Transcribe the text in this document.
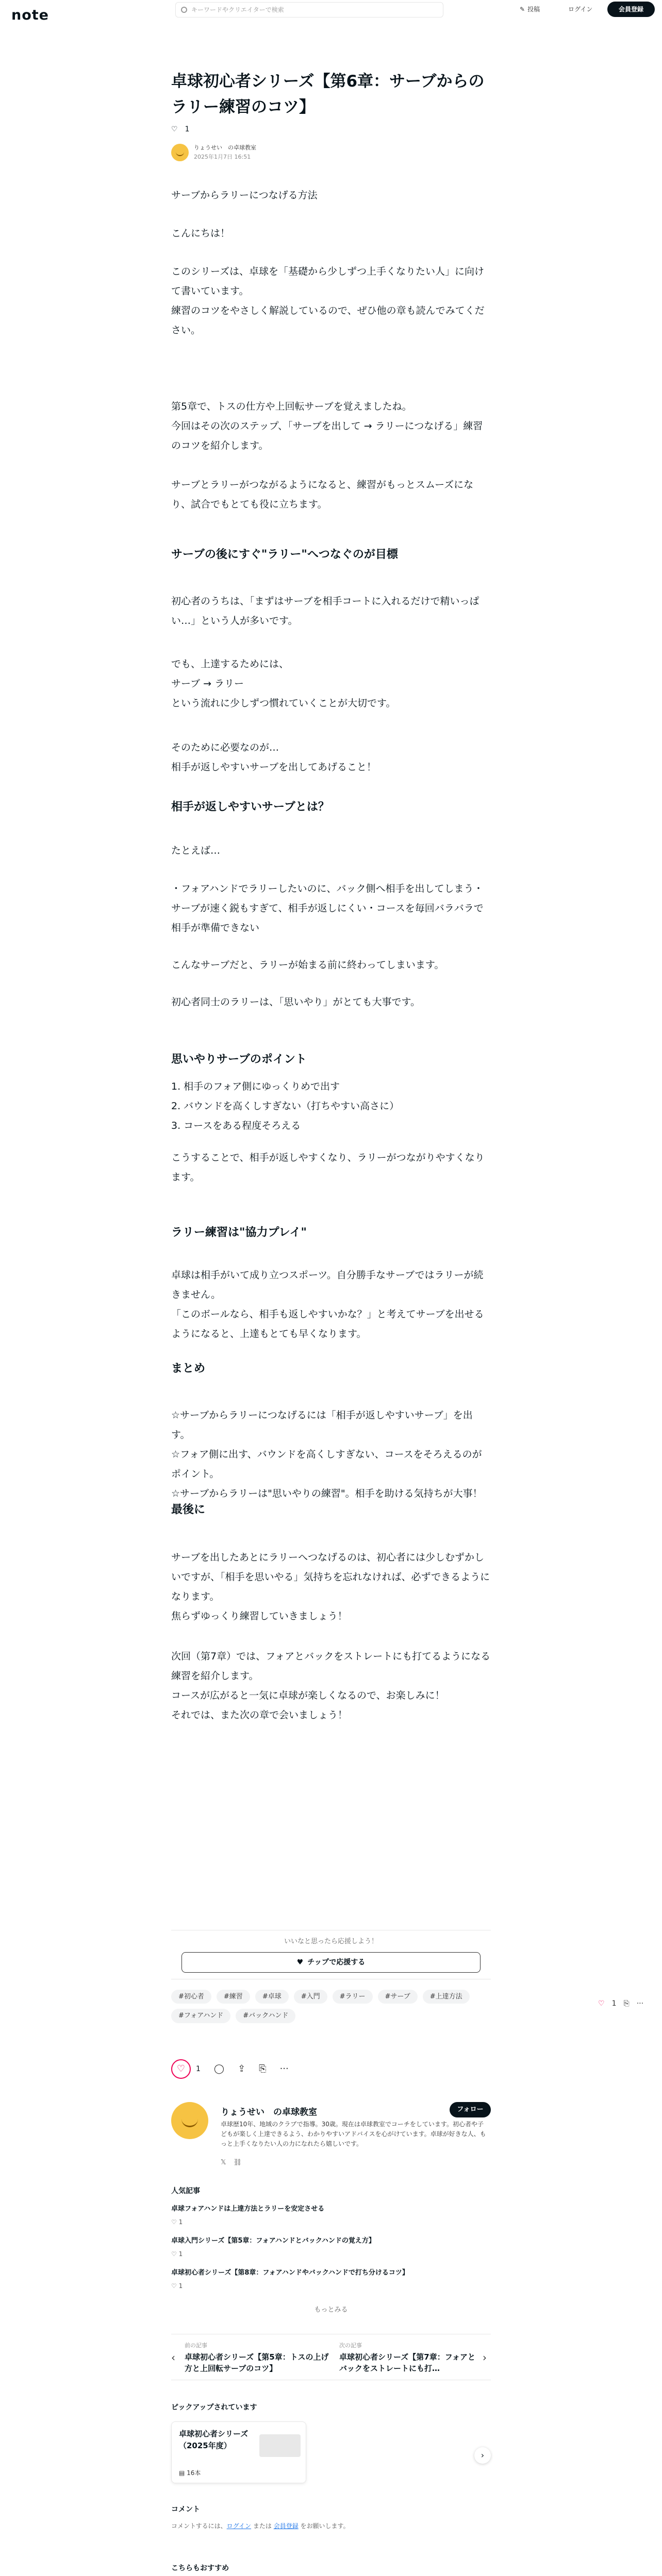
note	キーワードやクリエイターで検索	✎ 投稿	ログイン	会員登録
卓球初心者シリーズ【第6章：サーブからのラリー練習のコツ】
♡ 1
りょうせい　の卓球教室
2025年1月7日 16:51
サーブからラリーにつなげる方法
こんにちは！
このシリーズは、卓球を「基礎から少しずつ上手くなりたい人」に向けて書いています。
練習のコツをやさしく解説しているので、ぜひ他の章も読んでみてください。
第5章で、トスの仕方や上回転サーブを覚えましたね。
今回はその次のステップ、「サーブを出して → ラリーにつなげる」練習のコツを紹介します。
サーブとラリーがつながるようになると、練習がもっとスムーズになり、試合でもとても役に立ちます。
サーブの後にすぐ"ラリー"へつなぐのが目標
初心者のうちは、「まずはサーブを相手コートに入れるだけで精いっぱい…」という人が多いです。
でも、上達するためには、
サーブ → ラリー
という流れに少しずつ慣れていくことが大切です。
そのために必要なのが…
相手が返しやすいサーブを出してあげること！
相手が返しやすいサーブとは？
たとえば…
・フォアハンドでラリーしたいのに、バック側へ相手を出してしまう・サーブが速く鋭もすぎて、相手が返しにくい・コースを毎回バラバラで相手が準備できない
こんなサーブだと、ラリーが始まる前に終わってしまいます。
初心者同士のラリーは、「思いやり」がとても大事です。
思いやりサーブのポイント
1. 相手のフォア側にゆっくりめで出す
2. バウンドを高くしすぎない（打ちやすい高さに）
3. コースをある程度そろえる
こうすることで、相手が返しやすくなり、ラリーがつながりやすくなります。
ラリー練習は"協力プレイ"
卓球は相手がいて成り立つスポーツ。自分勝手なサーブではラリーが続きません。
「このボールなら、相手も返しやすいかな？」と考えてサーブを出せるようになると、上達もとても早くなります。
まとめ
☆サーブからラリーにつなげるには「相手が返しやすいサーブ」を出す。
☆フォア側に出す、バウンドを高くしすぎない、コースをそろえるのがポイント。
☆サーブからラリーは"思いやりの練習"。相手を助ける気持ちが大事！
最後に
サーブを出したあとにラリーへつなげるのは、初心者には少しむずかしいですが、「相手を思いやる」気持ちを忘れなければ、必ずできるようになります。
焦らずゆっくり練習していきましょう！
次回（第7章）では、フォアとバックをストレートにも打てるようになる練習を紹介します。
コースが広がると一気に卓球が楽しくなるので、お楽しみに！
それでは、また次の章で会いましょう！
いいなと思ったら応援しよう！
♥ チップで応援する
#初心者	#練習	#卓球	#入門	#ラリー	#サーブ	#上達方法
#フォアハンド	#バックハンド
♡ 1 ⎘ ···
♡ 1 ◯ ⇪ ⎘ ···
りょうせい　の卓球教室	フォロー
卓球歴10年、地域のクラブで指導。30歳。現在は卓球教室でコーチをしています。初心者や子どもが楽しく上達できるよう、わかりやすいアドバイスを心がけています。卓球が好きな人、もっと上手くなりたい人の力になれたら嬉しいです。
𝕏 ⛓
人気記事
卓球フォアハンドは上達方法とラリーを安定させる
♡ 1
卓球入門シリーズ【第5章：フォアハンドとバックハンドの覚え方】
♡ 1
卓球初心者シリーズ【第8章：フォアハンドやバックハンドで打ち分けるコツ】
♡ 1
もっとみる
‹
前の記事
卓球初心者シリーズ【第5章：トスの上げ方と上回転サーブのコツ】
次の記事
卓球初心者シリーズ【第7章：フォアとバックをストレートにも打…
›
ピックアップされています
卓球初心者シリーズ（2025年度）
▤ 16本
›
コメント
コメントするには、ログイン または 会員登録 をお願いします。
こちらもおすすめ
